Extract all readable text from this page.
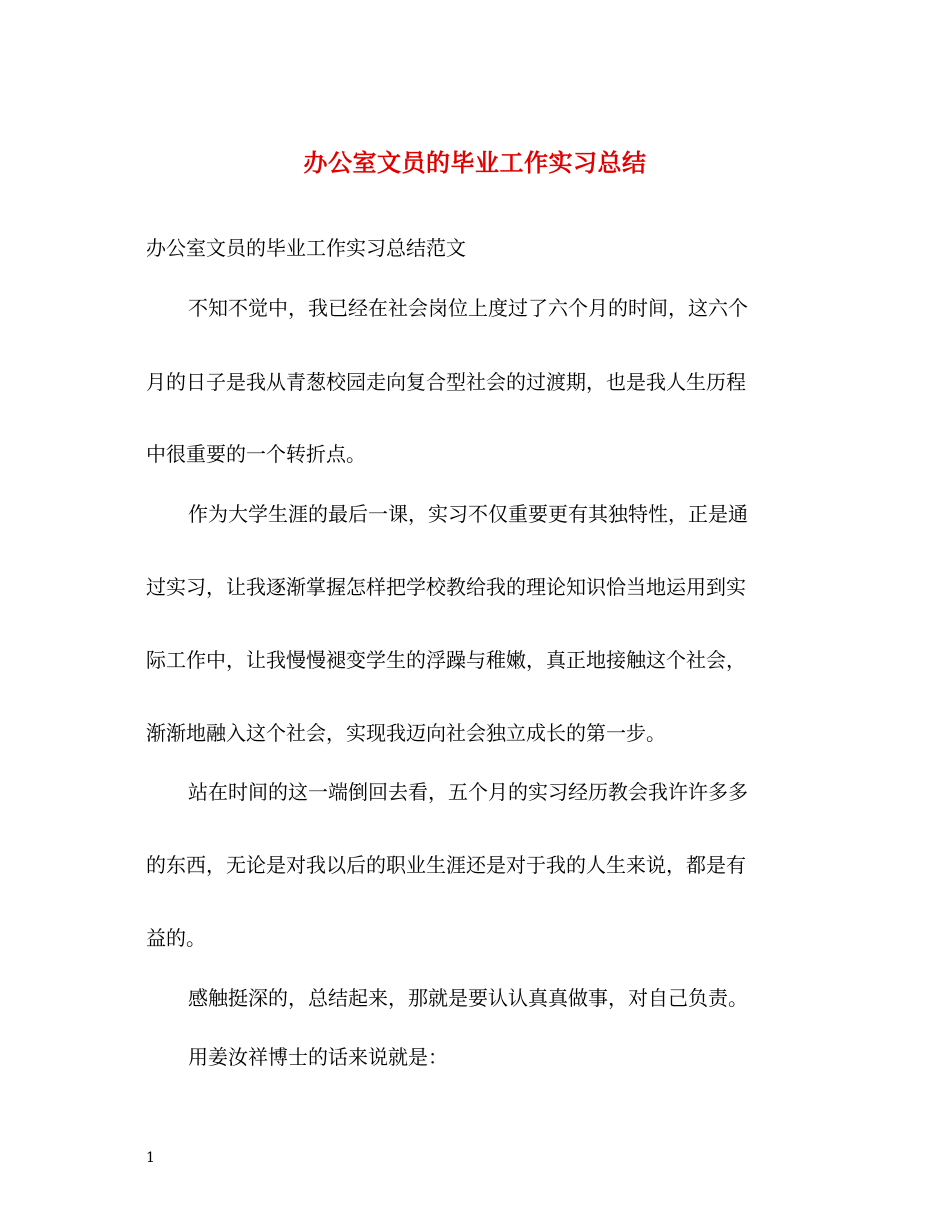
办公室文员的毕业工作实习总结
办公室文员的毕业工作实习总结范文
不知不觉中，我已经在社会岗位上度过了六个月的时间，这六个
月的日子是我从青葱校园走向复合型社会的过渡期，也是我人生历程
中很重要的一个转折点。
作为大学生涯的最后一课，实习不仅重要更有其独特性，正是通
过实习，让我逐渐掌握怎样把学校教给我的理论知识恰当地运用到实
际工作中，让我慢慢褪变学生的浮躁与稚嫩，真正地接触这个社会，
渐渐地融入这个社会，实现我迈向社会独立成长的第一步。
站在时间的这一端倒回去看，五个月的实习经历教会我许许多多
的东西，无论是对我以后的职业生涯还是对于我的人生来说，都是有
益的。
感触挺深的，总结起来，那就是要认认真真做事，对自己负责。
用姜汝祥博士的话来说就是：
1
